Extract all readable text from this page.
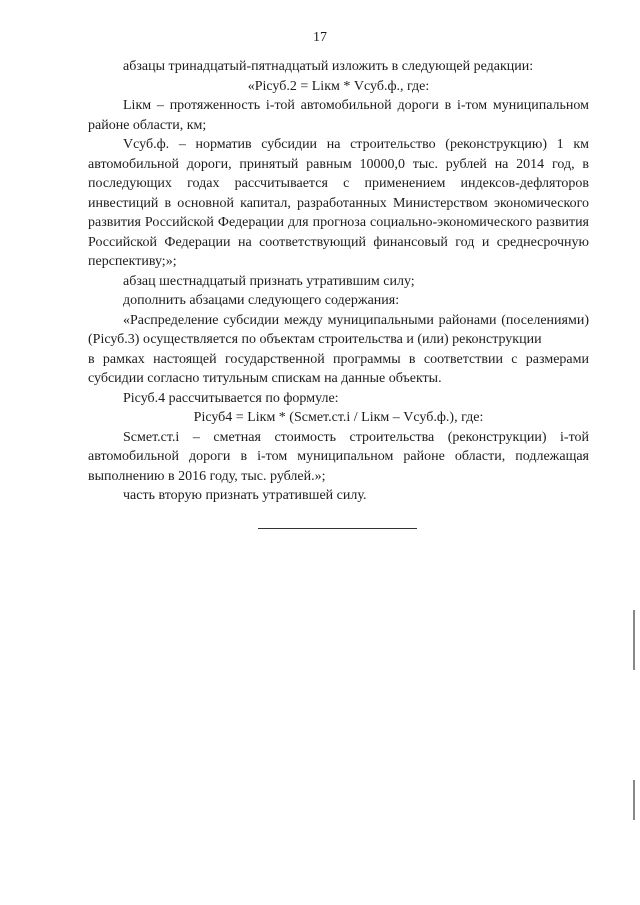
17

абзацы тринадцатый-пятнадцатый изложить в следующей редакции:

«Piсуб.2 = Liкм * Vсуб.ф., где:

Liкм – протяженность i-той автомобильной дороги в i-том муниципальном районе области, км;

Vсуб.ф. – норматив субсидии на строительство (реконструкцию) 1 км автомобильной дороги, принятый равным 10000,0 тыс. рублей на 2014 год, в последующих годах рассчитывается с применением индексов-дефляторов инвестиций в основной капитал, разработанных Министерством экономического развития Российской Федерации для прогноза социально-экономического развития Российской Федерации на соответствующий финансовый год и среднесрочную перспективу;»;

абзац шестнадцатый признать утратившим силу;

дополнить абзацами следующего содержания:

«Распределение субсидии между муниципальными районами (поселениями) (Piсуб.3) осуществляется по объектам строительства и (или) реконструкции

в рамках настоящей государственной программы в соответствии с размерами субсидии согласно титульным спискам на данные объекты.

Piсуб.4 рассчитывается по формуле:

Piсуб4 = Liкм * (Sсмет.ст.i / Liкм – Vсуб.ф.), где:

Sсмет.ст.i – сметная стоимость строительства (реконструкции) i-той автомобильной дороги в i-том муниципальном районе области, подлежащая выполнению в 2016 году, тыс. рублей.»;

часть вторую признать утратившей силу.
